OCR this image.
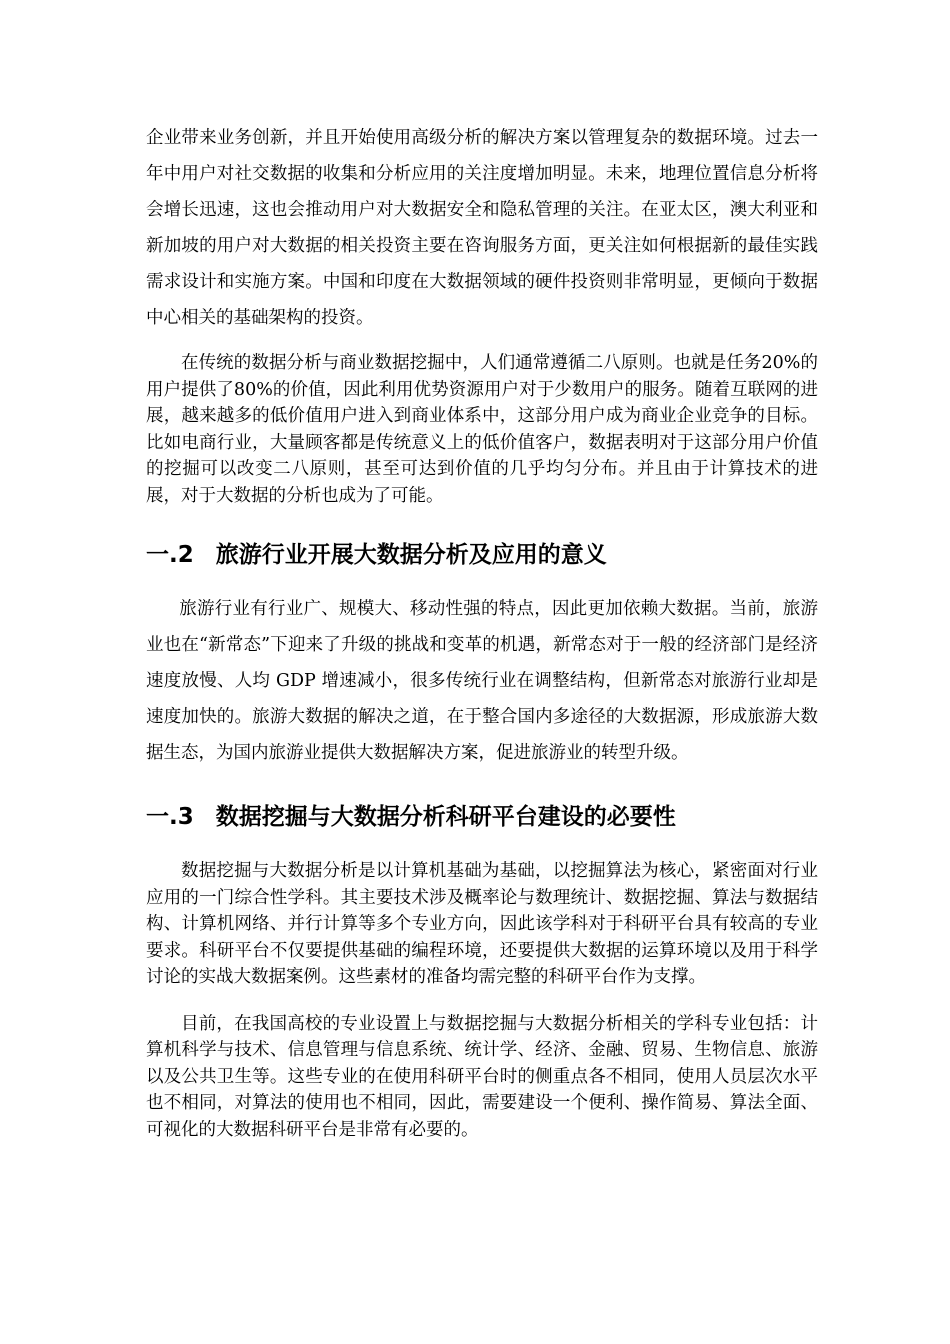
企业带来业务创新，并且开始使用高级分析的解决方案以管理复杂的数据环境。过去一年中用户对社交数据的收集和分析应用的关注度增加明显。未来，地理位置信息分析将会增长迅速，这也会推动用户对大数据安全和隐私管理的关注。在亚太区，澳大利亚和新加坡的用户对大数据的相关投资主要在咨询服务方面，更关注如何根据新的最佳实践需求设计和实施方案。中国和印度在大数据领域的硬件投资则非常明显，更倾向于数据中心相关的基础架构的投资。

在传统的数据分析与商业数据挖掘中，人们通常遵循二八原则。也就是任务20%的用户提供了80%的价值，因此利用优势资源用户对于少数用户的服务。随着互联网的进展，越来越多的低价值用户进入到商业体系中，这部分用户成为商业企业竞争的目标。比如电商行业，大量顾客都是传统意义上的低价值客户，数据表明对于这部分用户价值的挖掘可以改变二八原则，甚至可达到价值的几乎均匀分布。并且由于计算技术的进展，对于大数据的分析也成为了可能。

一.2 旅游行业开展大数据分析及应用的意义

旅游行业有行业广、规模大、移动性强的特点，因此更加依赖大数据。当前，旅游业也在“新常态”下迎来了升级的挑战和变革的机遇，新常态对于一般的经济部门是经济速度放慢、人均 GDP 增速减小，很多传统行业在调整结构，但新常态对旅游行业却是速度加快的。旅游大数据的解决之道，在于整合国内多途径的大数据源，形成旅游大数据生态，为国内旅游业提供大数据解决方案，促进旅游业的转型升级。

一.3 数据挖掘与大数据分析科研平台建设的必要性

数据挖掘与大数据分析是以计算机基础为基础，以挖掘算法为核心，紧密面对行业应用的一门综合性学科。其主要技术涉及概率论与数理统计、数据挖掘、算法与数据结构、计算机网络、并行计算等多个专业方向，因此该学科对于科研平台具有较高的专业要求。科研平台不仅要提供基础的编程环境，还要提供大数据的运算环境以及用于科学讨论的实战大数据案例。这些素材的准备均需完整的科研平台作为支撑。

目前，在我国高校的专业设置上与数据挖掘与大数据分析相关的学科专业包括：计算机科学与技术、信息管理与信息系统、统计学、经济、金融、贸易、生物信息、旅游以及公共卫生等。这些专业的在使用科研平台时的侧重点各不相同，使用人员层次水平也不相同，对算法的使用也不相同，因此，需要建设一个便利、操作简易、算法全面、可视化的大数据科研平台是非常有必要的。
